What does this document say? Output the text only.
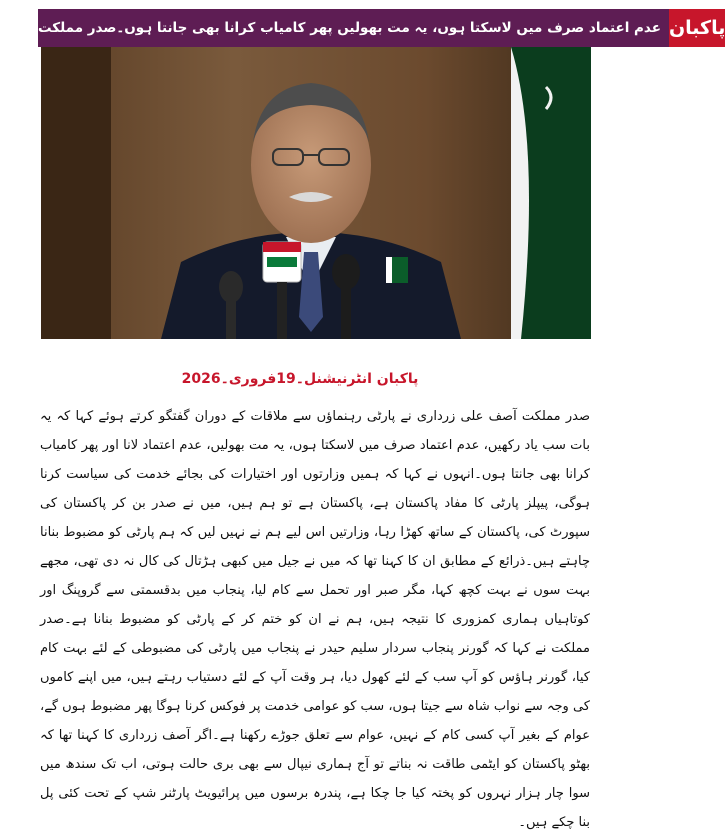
عدم اعتماد صرف میں لاسکتا ہوں، یہ مت بھولیں پھر کامیاب کرانا بھی جانتا ہوں۔صدر مملکت پاکبان
پاکبان انٹرنیشنل۔19فروری۔2026
صدر مملکت آصف علی زرداری نے پارٹی رہنماؤں سے ملاقات کے دوران گفتگو کرتے ہوئے کہا کہ یہ بات سب یاد رکھیں، عدم اعتماد صرف میں لاسکتا ہوں، یہ مت بھولیں، عدم اعتماد لانا اور پھر کامیاب کرانا بھی جانتا ہوں۔انہوں نے کہا کہ ہمیں وزارتوں اور اختیارات کی بجائے خدمت کی سیاست کرنا ہوگی، پیپلز پارٹی کا مفاد پاکستان ہے، پاکستان ہے تو ہم ہیں، میں نے صدر بن کر پاکستان کی سپورٹ کی، پاکستان کے ساتھ کھڑا رہا، وزارتیں اس لیے ہم نے نہیں لیں کہ ہم پارٹی کو مضبوط بنانا چاہتے ہیں۔ذرائع کے مطابق ان کا کہنا تھا کہ میں نے جیل میں کبھی ہڑتال کی کال نہ دی تھی، مجھے بہت سوں نے بہت کچھ کہا، مگر صبر اور تحمل سے کام لیا، پنجاب میں بدقسمتی سے گروپنگ اور کوتاہیاں ہماری کمزوری کا نتیجہ ہیں، ہم نے ان کو ختم کر کے پارٹی کو مضبوط بنانا ہے۔صدر مملکت نے کہا کہ گورنر پنجاب سردار سلیم حیدر نے پنجاب میں پارٹی کی مضبوطی کے لئے بہت کام کیا، گورنر ہاؤس کو آپ سب کے لئے کھول دیا، ہر وقت آپ کے لئے دستیاب رہتے ہیں، میں اپنے کاموں کی وجہ سے نواب شاہ سے جیتا ہوں، سب کو عوامی خدمت پر فوکس کرنا ہوگا پھر مضبوط ہوں گے، عوام کے بغیر آپ کسی کام کے نہیں، عوام سے تعلق جوڑے رکھنا ہے۔اگر آصف زرداری کا کہنا تھا کہ بھٹو پاکستان کو ایٹمی طاقت نہ بناتے تو آج ہماری نیپال سے بھی بری حالت ہوتی، اب تک سندھ میں سوا چار ہزار نہروں کو پختہ کیا جا چکا ہے، پندرہ برسوں میں پرائیویٹ پارٹنر شپ کے تحت کئی پل بنا چکے ہیں۔
